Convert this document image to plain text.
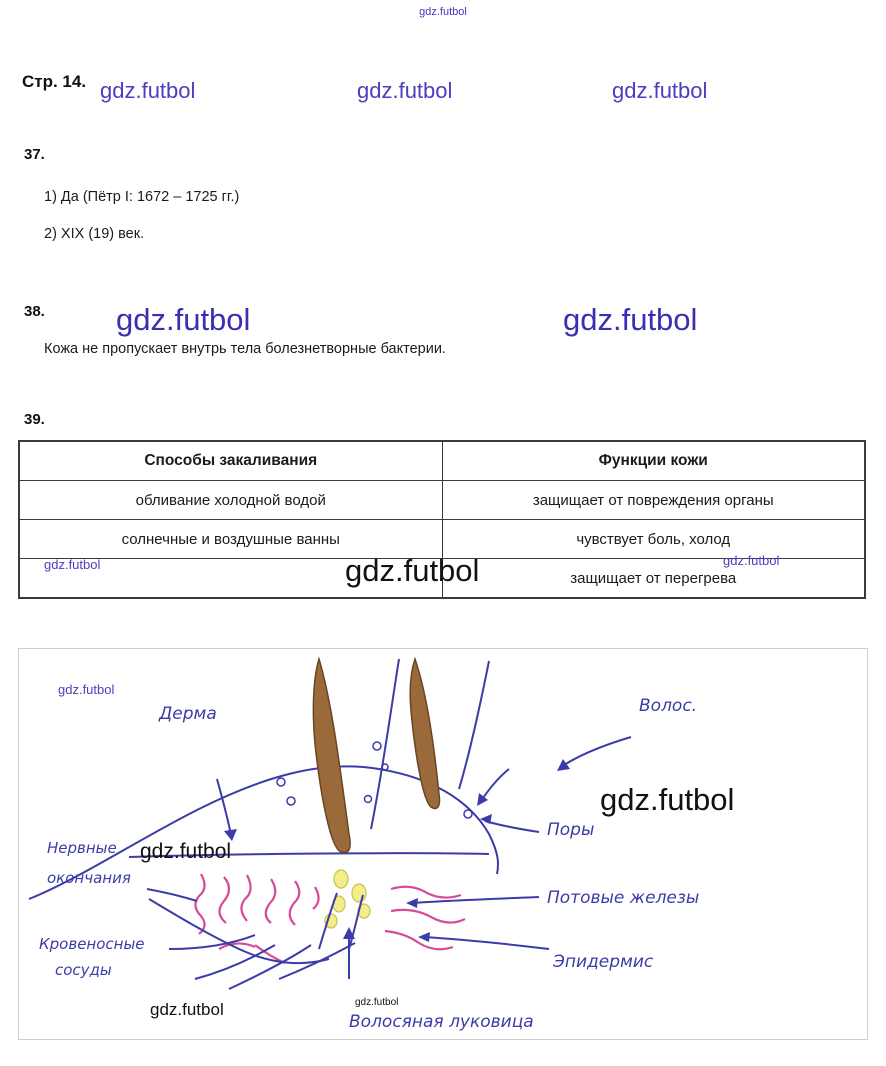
gdz.futbol
Стр. 14. gdz.futbol	gdz.futbol	gdz.futbol
37.
1) Да (Пётр I: 1672 – 1725 гг.)
2) XIX (19) век.
38. gdz.futbol	gdz.futbol
Кожа не пропускает внутрь тела болезнетворные бактерии.
39.
Способы закаливания	Функции кожи
обливание холодной водой	защищает от повреждения органы
солнечные и воздушные ванны	чувствует боль, холод
	защищает от перегрева
gdz.futbol	gdz.futbol	gdz.futbol
Дерма	Волос.
Поры
Нервные
окончания
Потовые железы
Кровеносные
сосуды	Эпидермис
Волосяная луковица
gdz.futbol
gdz.futbol
gdz.futbol
gdz.futbol	gdz.futbol
